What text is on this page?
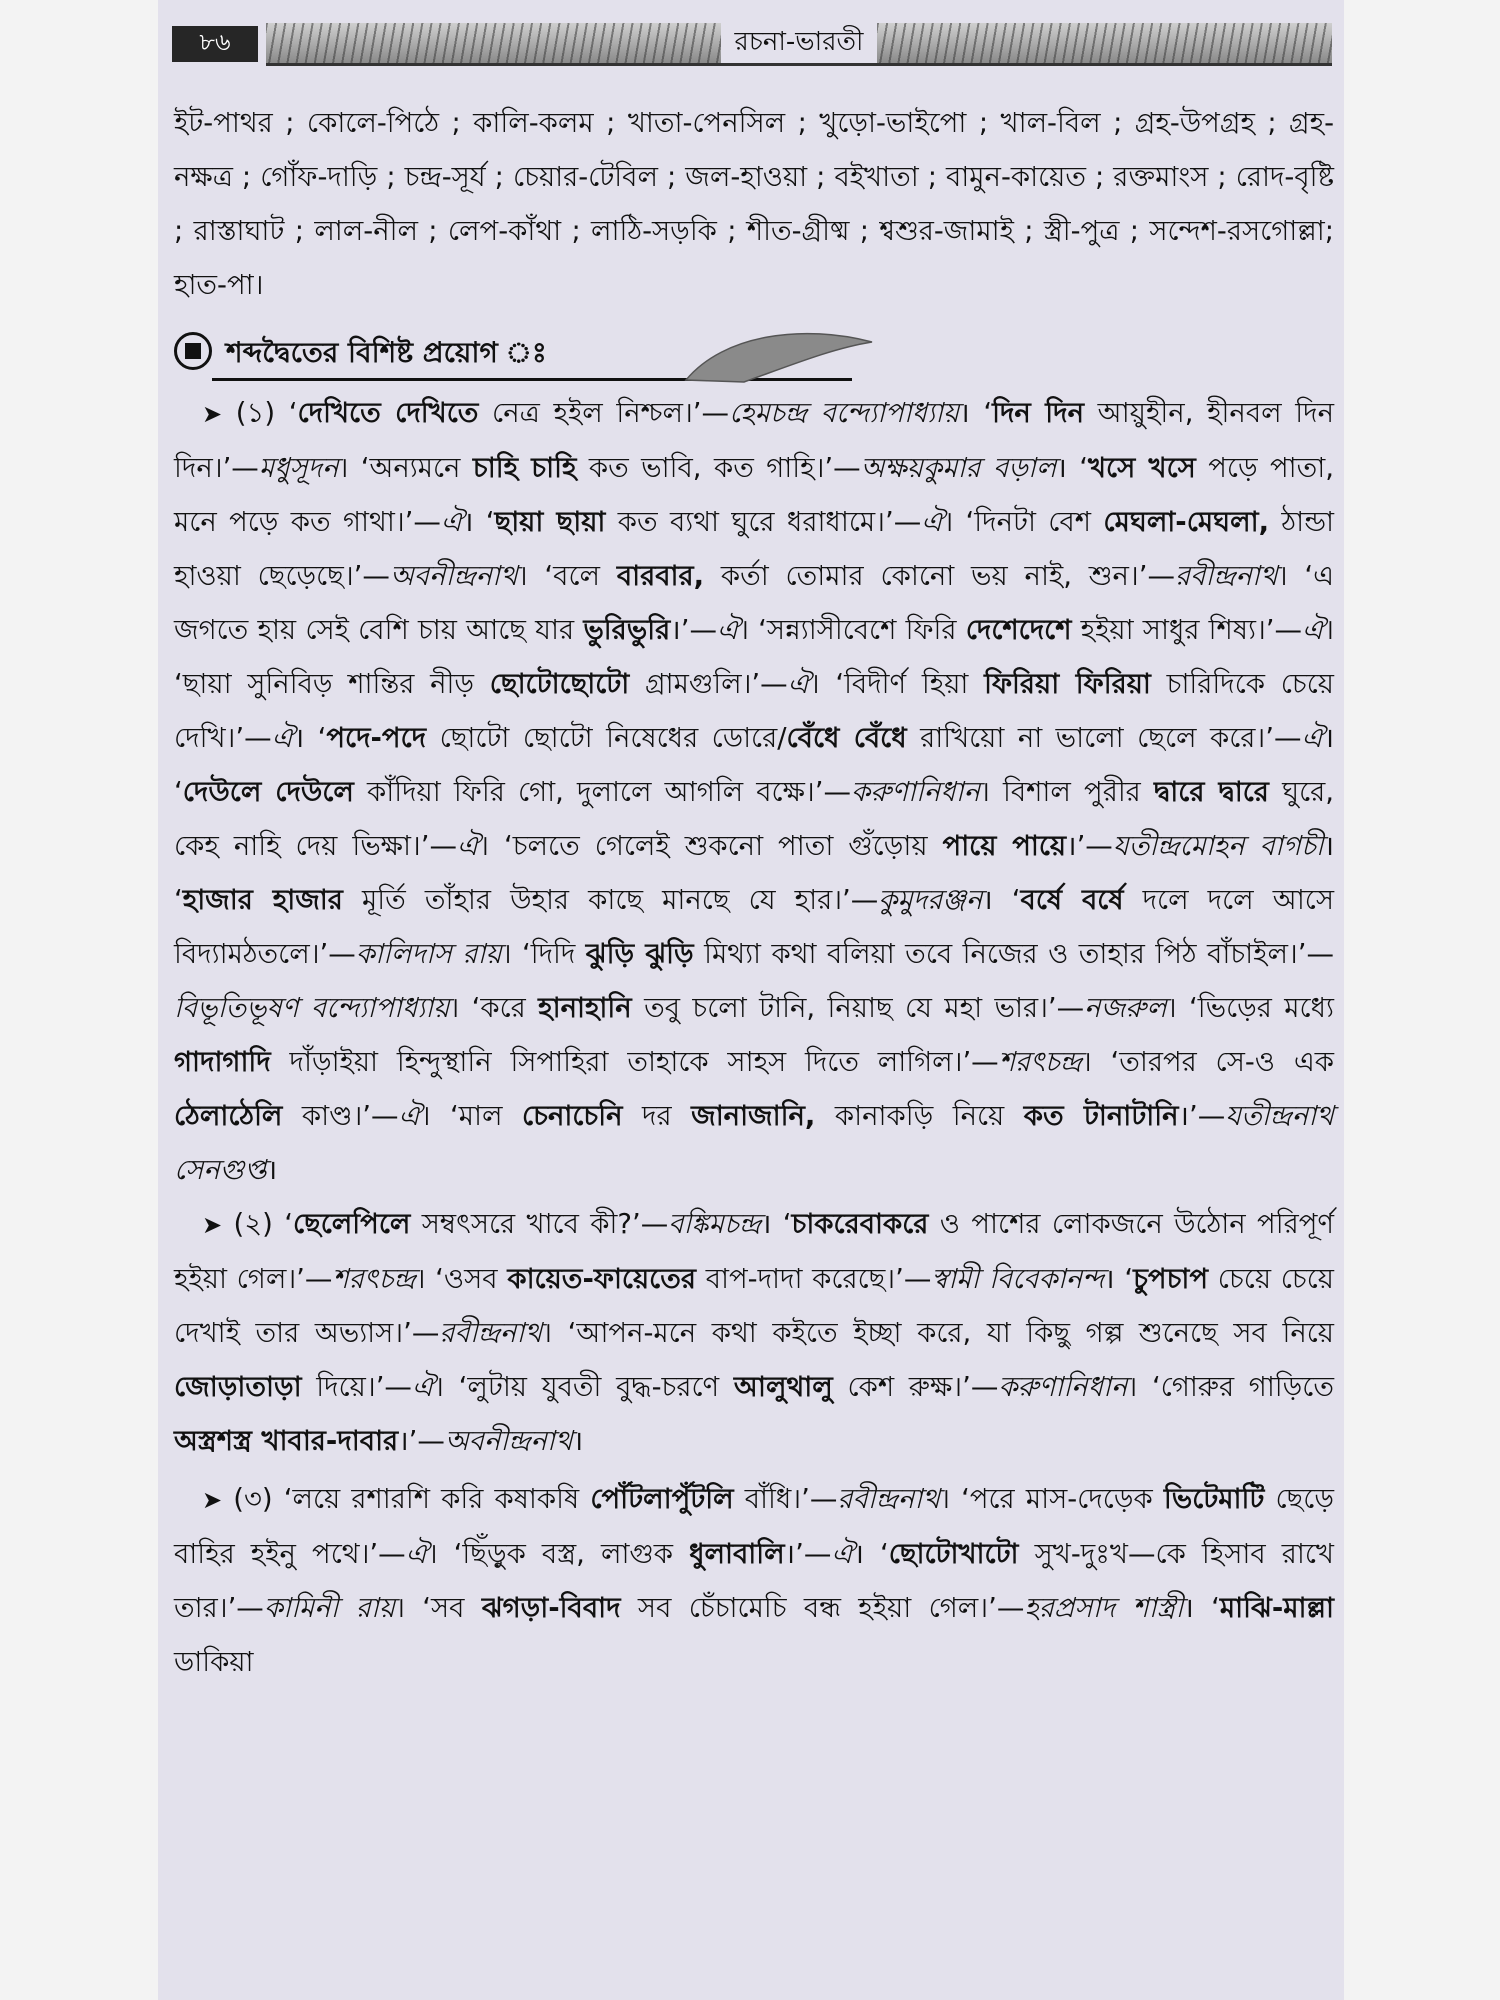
৮৬	রচনা-ভারতী

ইট-পাথর ; কোলে-পিঠে ; কালি-কলম ; খাতা-পেনসিল ; খুড়ো-ভাইপো ; খাল-বিল ; গ্রহ-উপগ্রহ ; গ্রহ-নক্ষত্র ; গোঁফ-দাড়ি ; চন্দ্র-সূর্য ; চেয়ার-টেবিল ; জল-হাওয়া ; বইখাতা ; বামুন-কায়েত ; রক্তমাংস ; রোদ-বৃষ্টি ; রাস্তাঘাট ; লাল-নীল ; লেপ-কাঁথা ; লাঠি-সড়কি ; শীত-গ্রীষ্ম ; শ্বশুর-জামাই ; স্ত্রী-পুত্র ; সন্দেশ-রসগোল্লা; হাত-পা।

শব্দদ্বৈতের বিশিষ্ট প্রয়োগ ঃ

➤ (১) ‘দেখিতে দেখিতে নেত্র হইল নিশ্চল।’—হেমচন্দ্র বন্দ্যোপাধ্যায়। ‘দিন দিন আয়ুহীন, হীনবল দিন দিন।’—মধুসূদন। ‘অন্যমনে চাহি চাহি কত ভাবি, কত গাহি।’—অক্ষয়কুমার বড়াল। ‘খসে খসে পড়ে পাতা, মনে পড়ে কত গাথা।’—ঐ। ‘ছায়া ছায়া কত ব্যথা ঘুরে ধরাধামে।’—ঐ। ‘দিনটা বেশ মেঘলা-মেঘলা, ঠান্ডা হাওয়া ছেড়েছে।’—অবনীন্দ্রনাথ। ‘বলে বারবার, কর্তা তোমার কোনো ভয় নাই, শুন।’—রবীন্দ্রনাথ। ‘এ জগতে হায় সেই বেশি চায় আছে যার ভুরিভুরি।’—ঐ। ‘সন্ন্যাসীবেশে ফিরি দেশেদেশে হইয়া সাধুর শিষ্য।’—ঐ। ‘ছায়া সুনিবিড় শান্তির নীড় ছোটোছোটো গ্রামগুলি।’—ঐ। ‘বিদীর্ণ হিয়া ফিরিয়া ফিরিয়া চারিদিকে চেয়ে দেখি।’—ঐ। ‘পদে-পদে ছোটো ছোটো নিষেধের ডোরে/বেঁধে বেঁধে রাখিয়ো না ভালো ছেলে করে।’—ঐ। ‘দেউলে দেউলে কাঁদিয়া ফিরি গো, দুলালে আগলি বক্ষে।’—করুণানিধান। বিশাল পুরীর দ্বারে দ্বারে ঘুরে, কেহ নাহি দেয় ভিক্ষা।’—ঐ। ‘চলতে গেলেই শুকনো পাতা গুঁড়োয় পায়ে পায়ে।’—যতীন্দ্রমোহন বাগচী। ‘হাজার হাজার মূর্তি তাঁহার উহার কাছে মানছে যে হার।’—কুমুদরঞ্জন। ‘বর্ষে বর্ষে দলে দলে আসে বিদ্যামঠতলে।’—কালিদাস রায়। ‘দিদি ঝুড়ি ঝুড়ি মিথ্যা কথা বলিয়া তবে নিজের ও তাহার পিঠ বাঁচাইল।’—বিভূতিভূষণ বন্দ্যোপাধ্যায়। ‘করে হানাহানি তবু চলো টানি, নিয়াছ যে মহা ভার।’—নজরুল। ‘ভিড়ের মধ্যে গাদাগাদি দাঁড়াইয়া হিন্দুস্থানি সিপাহিরা তাহাকে সাহস দিতে লাগিল।’—শরৎচন্দ্র। ‘তারপর সে-ও এক ঠেলাঠেলি কাণ্ড।’—ঐ। ‘মাল চেনাচেনি দর জানাজানি, কানাকড়ি নিয়ে কত টানাটানি।’—যতীন্দ্রনাথ সেনগুপ্ত।

➤ (২) ‘ছেলেপিলে সম্বৎসরে খাবে কী?’—বঙ্কিমচন্দ্র। ‘চাকরেবাকরে ও পাশের লোকজনে উঠোন পরিপূর্ণ হইয়া গেল।’—শরৎচন্দ্র। ‘ওসব কায়েত-ফায়েতের বাপ-দাদা করেছে।’—স্বামী বিবেকানন্দ। ‘চুপচাপ চেয়ে চেয়ে দেখাই তার অভ্যাস।’—রবীন্দ্রনাথ। ‘আপন-মনে কথা কইতে ইচ্ছা করে, যা কিছু গল্প শুনেছে সব নিয়ে জোড়াতাড়া দিয়ে।’—ঐ। ‘লুটায় যুবতী বুদ্ধ-চরণে আলুথালু কেশ রুক্ষ।’—করুণানিধান। ‘গোরুর গাড়িতে অস্ত্রশস্ত্র খাবার-দাবার।’—অবনীন্দ্রনাথ।

➤ (৩) ‘লয়ে রশারশি করি কষাকষি পোঁটলাপুঁটলি বাঁধি।’—রবীন্দ্রনাথ। ‘পরে মাস-দেড়েক ভিটেমাটি ছেড়ে বাহির হইনু পথে।’—ঐ। ‘ছিঁড়ুক বস্ত্র, লাগুক ধুলাবালি।’—ঐ। ‘ছোটোখাটো সুখ-দুঃখ—কে হিসাব রাখে তার।’—কামিনী রায়। ‘সব ঝগড়া-বিবাদ সব চেঁচামেচি বন্ধ হইয়া গেল।’—হরপ্রসাদ শাস্ত্রী। ‘মাঝি-মাল্লা ডাকিয়া
